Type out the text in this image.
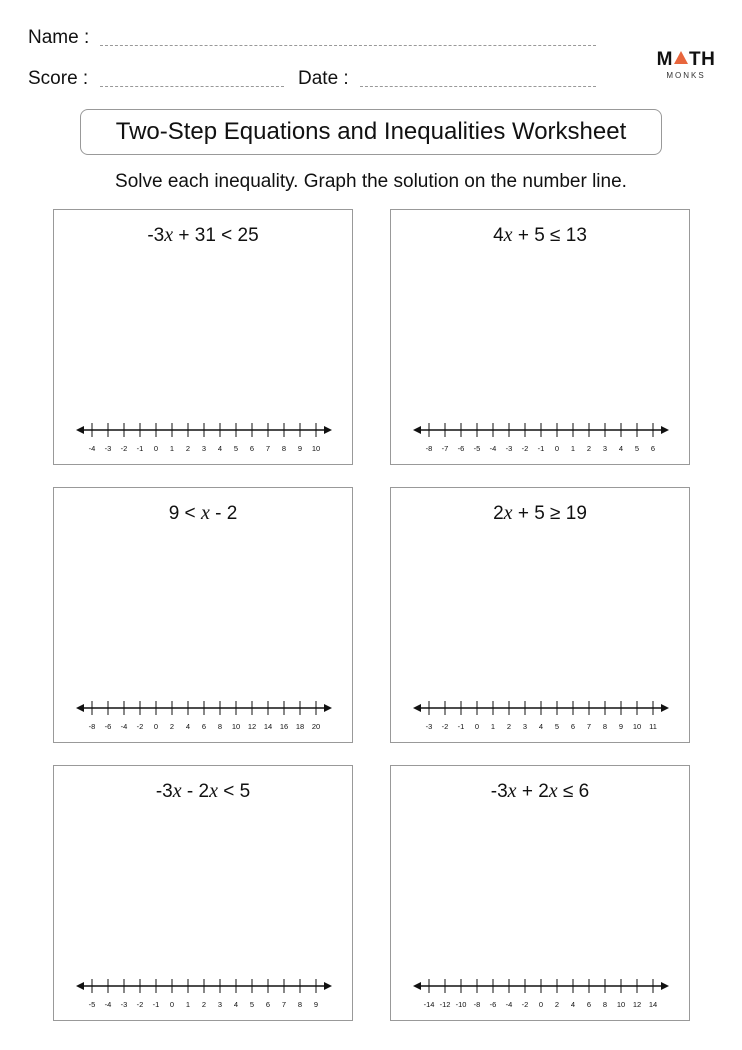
Name :
Score :	Date :
M TH
MONKS
Two-Step Equations and Inequalities Worksheet
Solve each inequality. Graph the solution on the number line.
-3x + 31 < 25
-4 -3 -2 -1 0 1 2 3 4 5 6 7 8 9 10
4x + 5 ≤ 13
-8 -7 -6 -5 -4 -3 -2 -1 0 1 2 3 4 5 6
9 < x - 2
-8 -6 -4 -2 0 2 4 6 8 10 12 14 16 18 20
2x + 5 ≥ 19
-3 -2 -1 0 1 2 3 4 5 6 7 8 9 10 11
-3x - 2x < 5
-5 -4 -3 -2 -1 0 1 2 3 4 5 6 7 8 9
-3x + 2x ≤ 6
-14 -12 -10 -8 -6 -4 -2 0 2 4 6 8 10 12 14
